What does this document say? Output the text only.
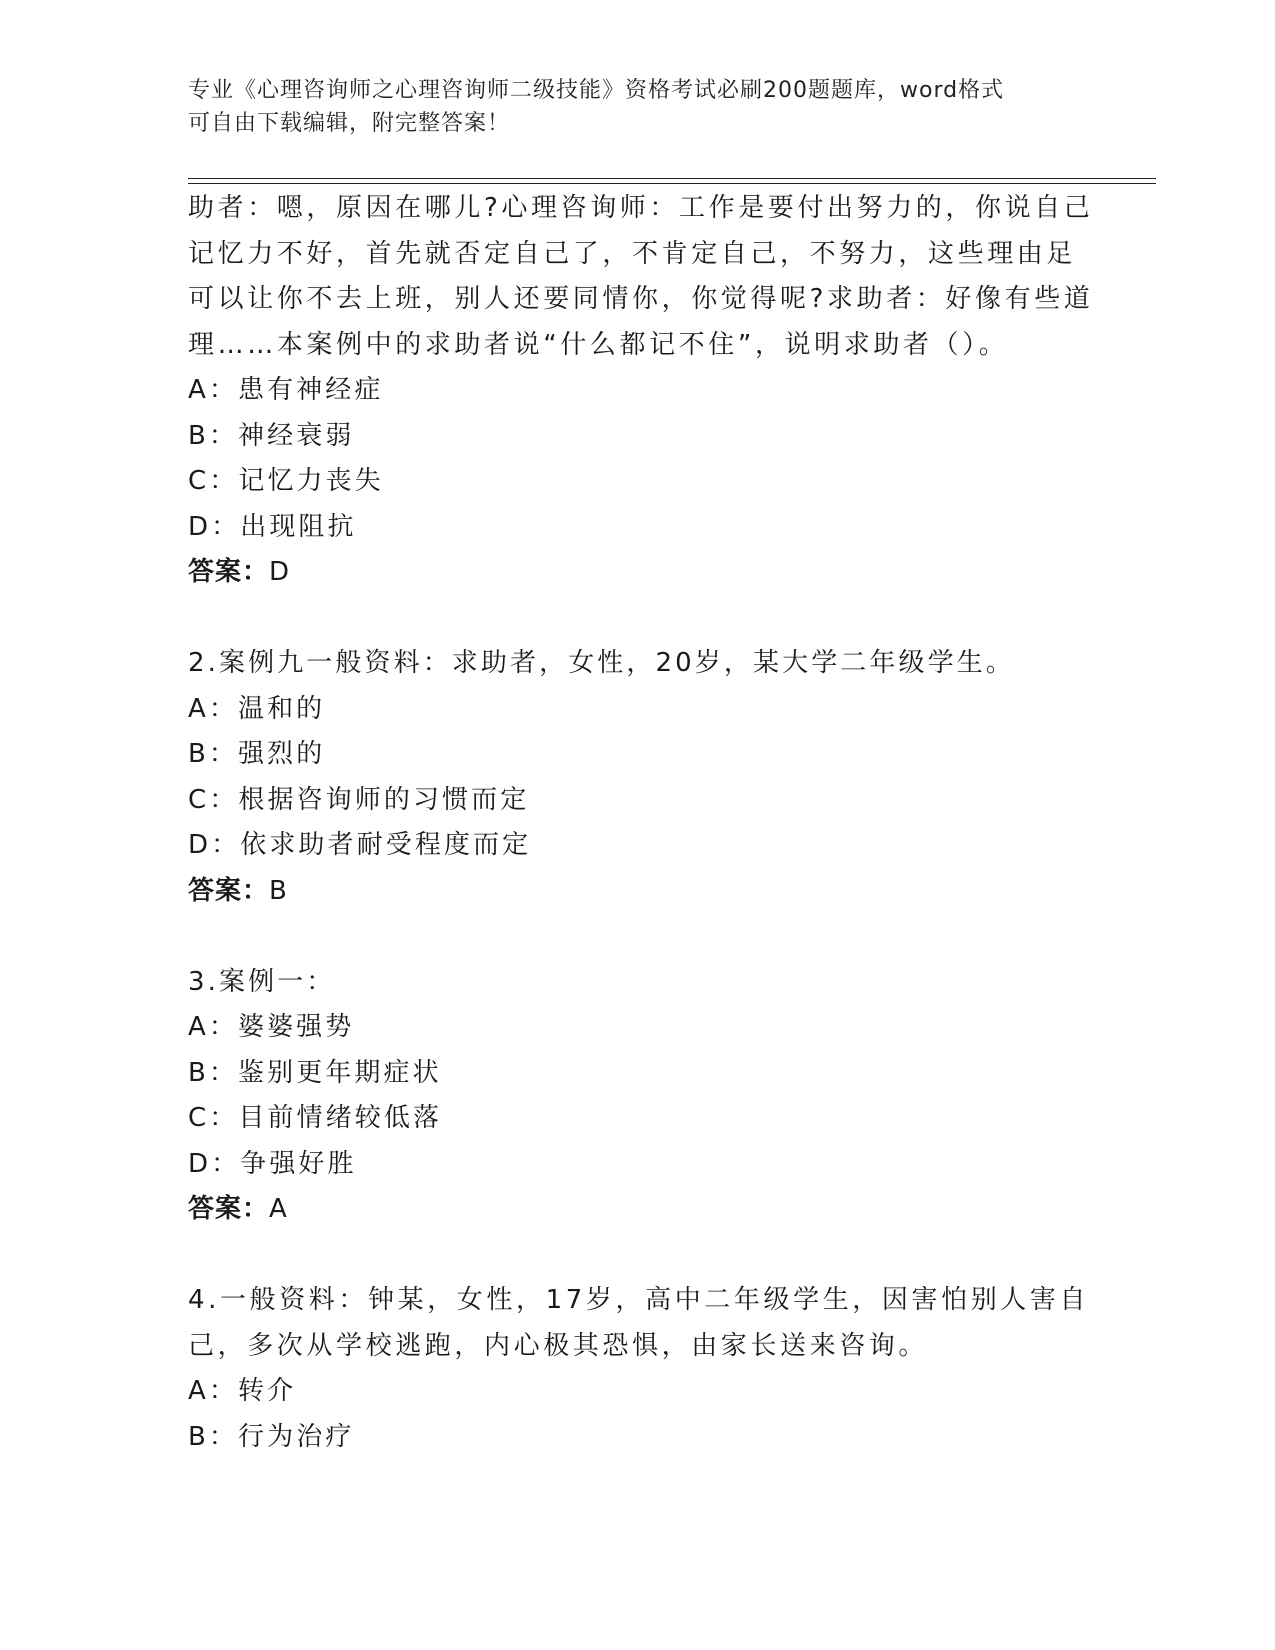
专业《心理咨询师之心理咨询师二级技能》资格考试必刷200题题库，word格式
可自由下载编辑，附完整答案！
助者：嗯，原因在哪儿?心理咨询师：工作是要付出努力的，你说自己
记忆力不好，首先就否定自己了，不肯定自己，不努力，这些理由足
可以让你不去上班，别人还要同情你，你觉得呢?求助者：好像有些道
理……本案例中的求助者说“什么都记不住”，说明求助者（）。
A：患有神经症
B：神经衰弱
C：记忆力丧失
D：出现阻抗
答案：D
2.案例九一般资料：求助者，女性，20岁，某大学二年级学生。
A：温和的
B：强烈的
C：根据咨询师的习惯而定
D：依求助者耐受程度而定
答案：B
3.案例一：
A：婆婆强势
B：鉴别更年期症状
C：目前情绪较低落
D：争强好胜
答案：A
4.一般资料：钟某，女性，17岁，高中二年级学生，因害怕别人害自
己，多次从学校逃跑，内心极其恐惧，由家长送来咨询。
A：转介
B：行为治疗
